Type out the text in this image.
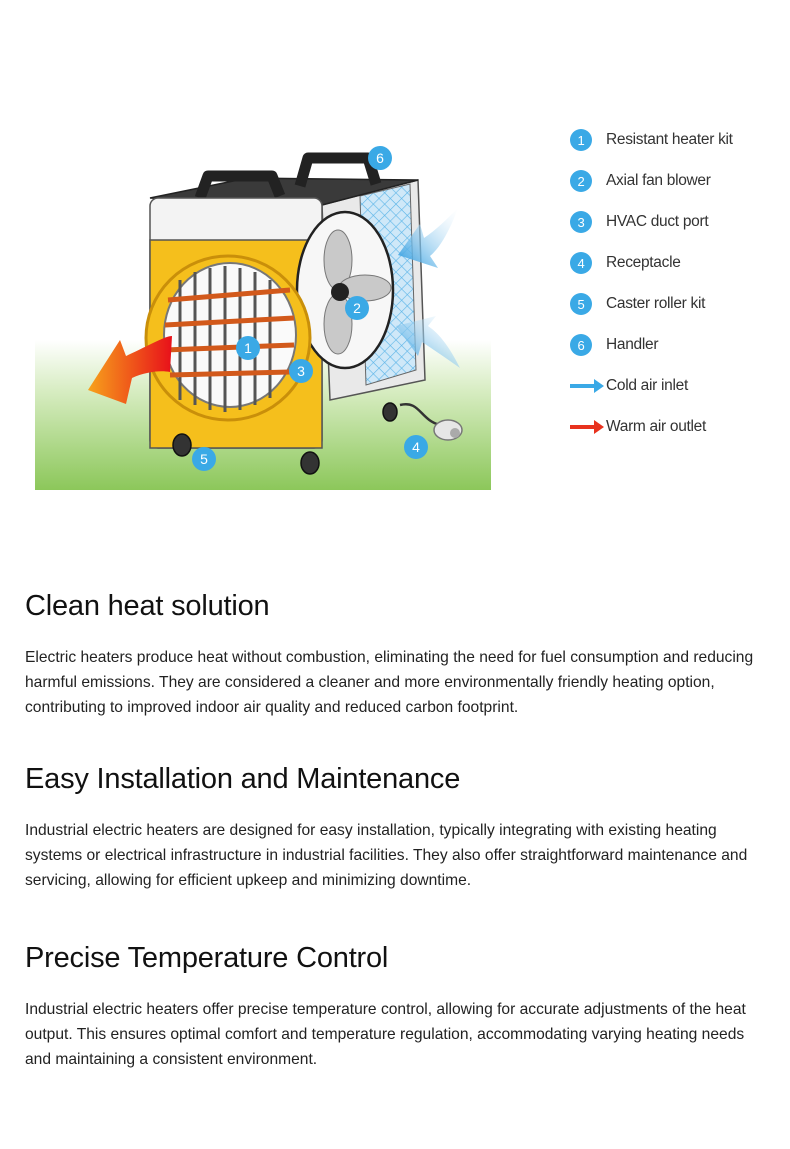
1
2
3
4
5
6
1	Resistant heater kit
2	Axial fan blower
3	HVAC duct port
4	Receptacle
5	Caster roller kit
6	Handler
Cold air inlet
Warm air outlet
Clean heat solution

Electric heaters produce heat without combustion, eliminating the need for fuel consumption and reducing harmful emissions. They are considered a cleaner and more environmentally friendly heating option, contributing to improved indoor air quality and reduced carbon footprint.

Easy Installation and Maintenance

Industrial electric heaters are designed for easy installation, typically integrating with existing heating systems or electrical infrastructure in industrial facilities. They also offer straightforward maintenance and servicing, allowing for efficient upkeep and minimizing downtime.

Precise Temperature Control

Industrial electric heaters offer precise temperature control, allowing for accurate adjustments of the heat output. This ensures optimal comfort and temperature regulation, accommodating varying heating needs and maintaining a consistent environment.
